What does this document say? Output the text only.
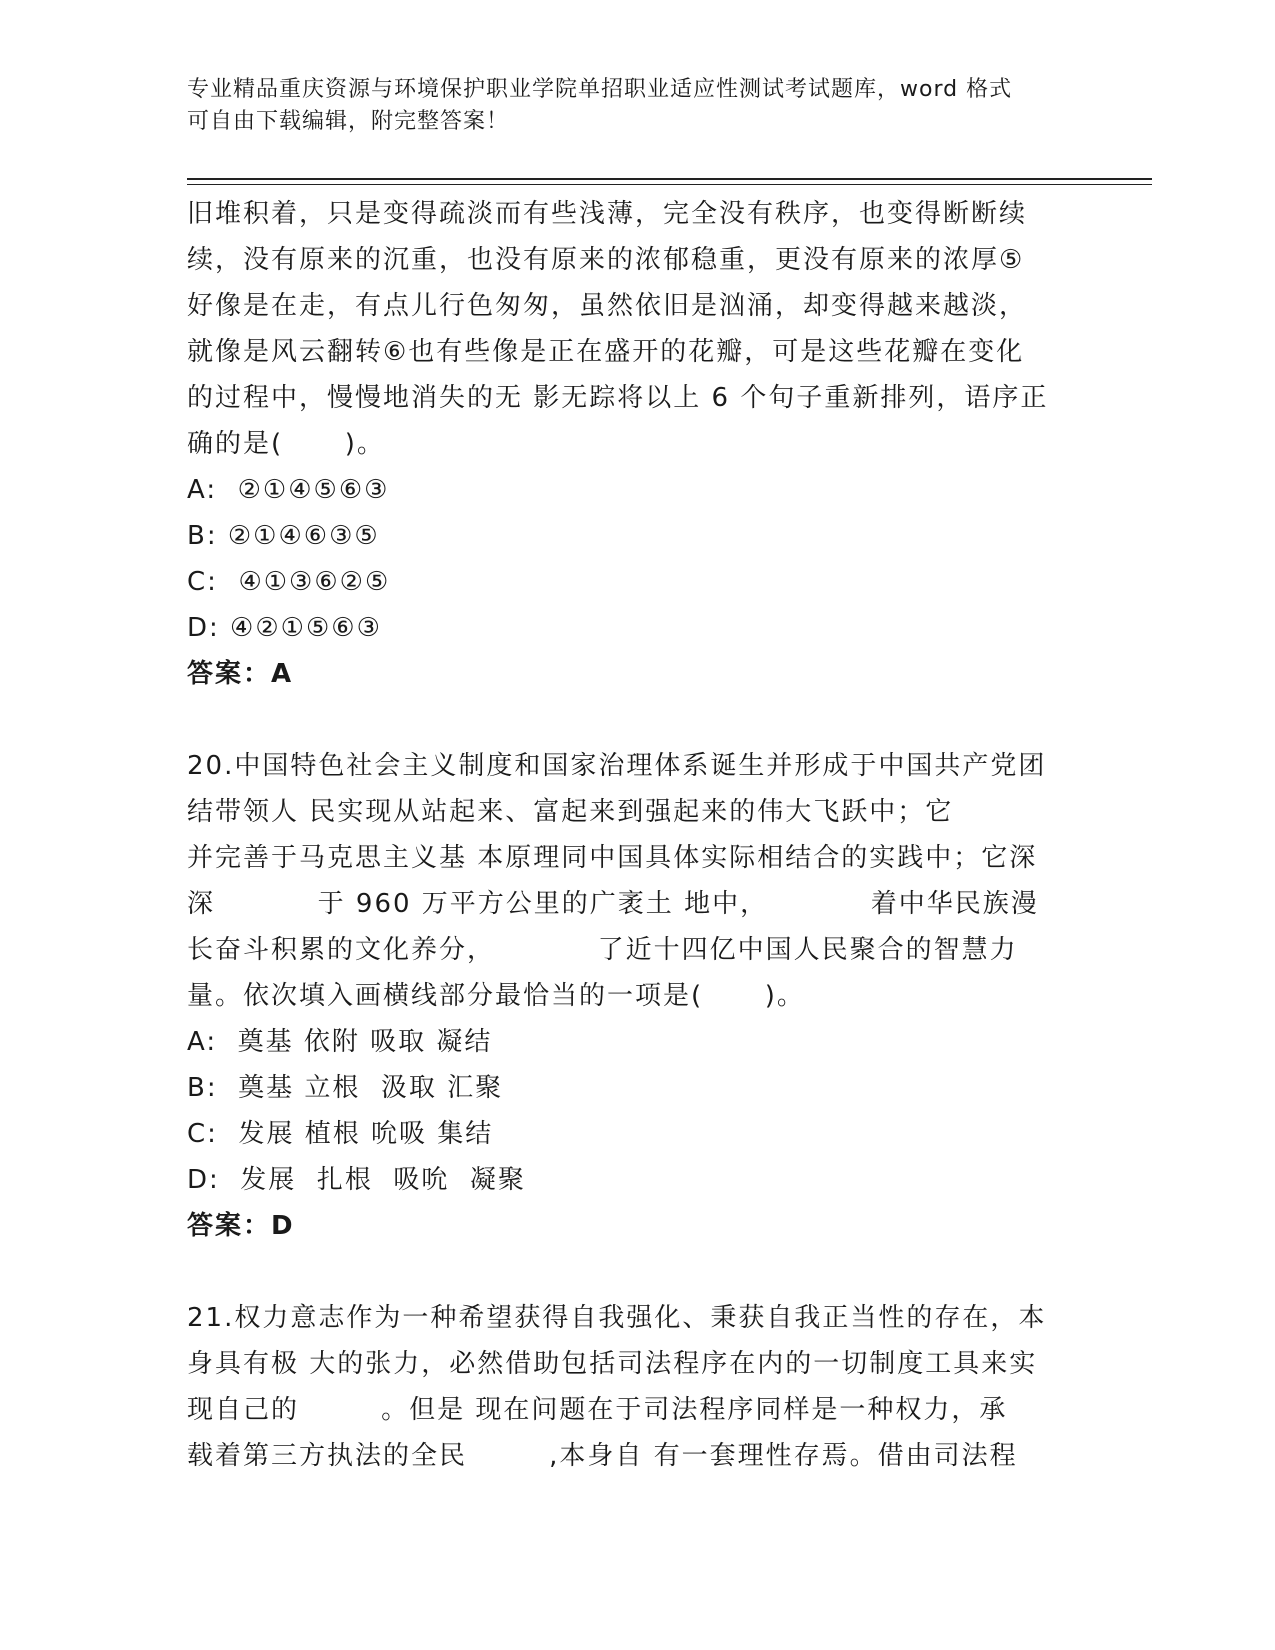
专业精品重庆资源与环境保护职业学院单招职业适应性测试考试题库，word 格式
可自由下载编辑，附完整答案！
旧堆积着，只是变得疏淡而有些浅薄，完全没有秩序，也变得断断续
续，没有原来的沉重，也没有原来的浓郁稳重，更没有原来的浓厚⑤
好像是在走，有点儿行色匆匆，虽然依旧是汹涌，却变得越来越淡，
就像是风云翻转⑥也有些像是正在盛开的花瓣，可是这些花瓣在变化
的过程中，慢慢地消失的无 影无踪将以上 6 个句子重新排列，语序正
确的是(      )。
A:  ②①④⑤⑥③
B: ②①④⑥③⑤
C:  ④①③⑥②⑤
D: ④②①⑤⑥③
答案：A
20.中国特色社会主义制度和国家治理体系诞生并形成于中国共产党团
结带领人 民实现从站起来、富起来到强起来的伟大飞跃中；它
并完善于马克思主义基 本原理同中国具体实际相结合的实践中；它深
深          于 960 万平方公里的广袤土 地中，          着中华民族漫
长奋斗积累的文化养分，          了近十四亿中国人民聚合的智慧力
量。依次填入画横线部分最恰当的一项是(      )。
A:  奠基 依附 吸取 凝结
B:  奠基 立根  汲取 汇聚
C:  发展 植根 吮吸 集结
D:  发展  扎根  吸吮  凝聚
答案：D
21.权力意志作为一种希望获得自我强化、秉获自我正当性的存在，本
身具有极 大的张力，必然借助包括司法程序在内的一切制度工具来实
现自己的        。但是 现在问题在于司法程序同样是一种权力，承
载着第三方执法的全民        ,本身自 有一套理性存焉。借由司法程
